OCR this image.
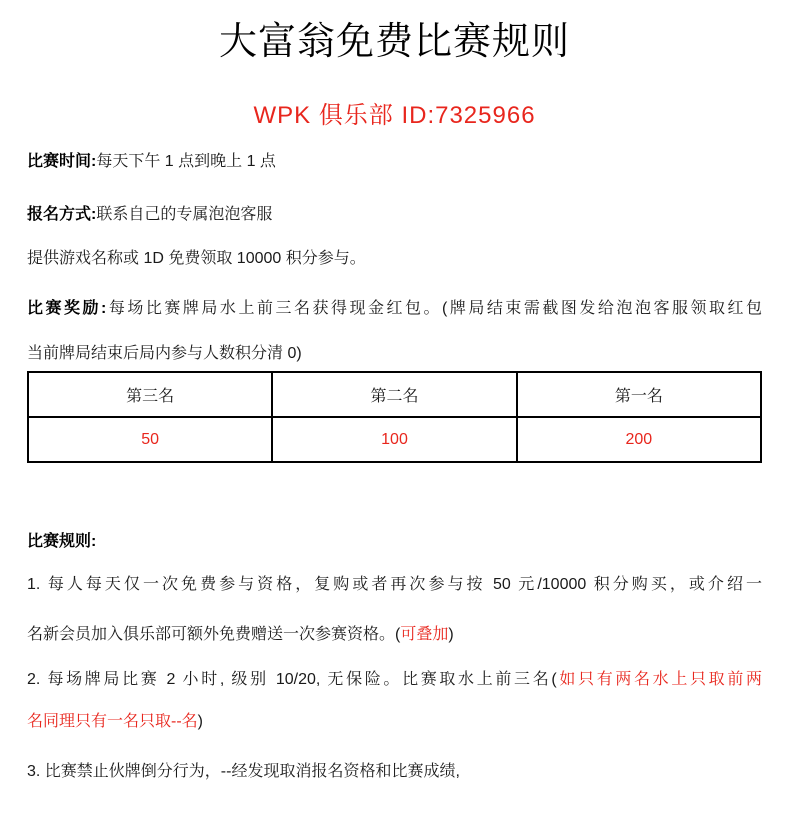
大富翁免费比赛规则
WPK 俱乐部 ID:7325966

比赛时间:每天下午 1 点到晚上 1 点

报名方式:联系自己的专属泡泡客服

提供游戏名称或 1D 免费领取 10000 积分参与。

比赛奖励:每场比赛牌局水上前三名获得现金红包。(牌局结束需截图发给泡泡客服领取红包

当前牌局结束后局内参与人数积分清 0)

第三名	第二名	第一名
50	100	200

比赛规则:

1. 每人每天仅一次免费参与资格，复购或者再次参与按 50 元/10000 积分购买，或介绍一

名新会员加入俱乐部可额外免费赠送一次参赛资格。(可叠加)

2. 每场牌局比赛 2 小时, 级别 10/20, 无保险。比赛取水上前三名(如只有两名水上只取前两

名同理只有一名只取--名)

3. 比赛禁止伙牌倒分行为，--经发现取消报名资格和比赛成绩,
